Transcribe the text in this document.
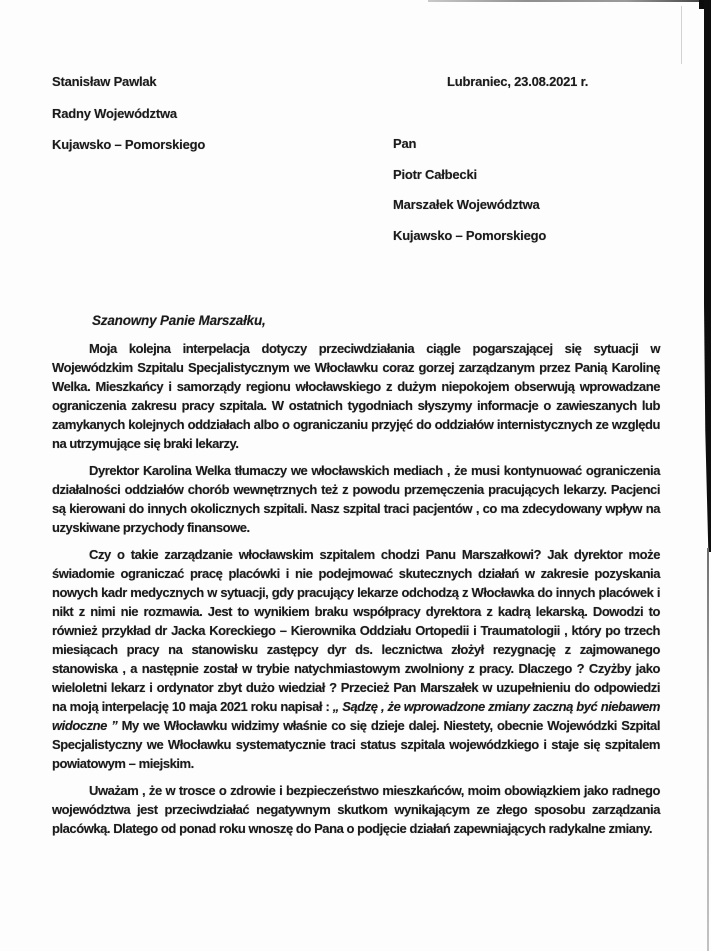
Stanisław Pawlak
Radny Województwa
Kujawsko – Pomorskiego
Lubraniec, 23.08.2021 r.
Pan
Piotr Całbecki
Marszałek Województwa
Kujawsko – Pomorskiego
Szanowny Panie Marszałku,

Moja kolejna interpelacja dotyczy przeciwdziałania ciągle pogarszającej się sytuacji w Wojewódzkim Szpitalu Specjalistycznym we Włocławku coraz gorzej zarządzanym przez Panią Karolinę Welka. Mieszkańcy i samorządy regionu włocławskiego z dużym niepokojem obserwują wprowadzane ograniczenia zakresu pracy szpitala. W ostatnich tygodniach słyszymy informacje o zawieszanych lub zamykanych kolejnych oddziałach albo o ograniczaniu przyjęć do oddziałów internistycznych ze względu na utrzymujące się braki lekarzy.

Dyrektor Karolina Welka tłumaczy we włocławskich mediach , że musi kontynuować ograniczenia działalności oddziałów chorób wewnętrznych też z powodu przemęczenia pracujących lekarzy. Pacjenci są kierowani do innych okolicznych szpitali. Nasz szpital traci pacjentów , co ma zdecydowany wpływ na uzyskiwane przychody finansowe.

Czy o takie zarządzanie włocławskim szpitalem chodzi Panu Marszałkowi? Jak dyrektor może świadomie ograniczać pracę placówki i nie podejmować skutecznych działań w zakresie pozyskania nowych kadr medycznych w sytuacji, gdy pracujący lekarze odchodzą z Włocławka do innych placówek i nikt z nimi nie rozmawia. Jest to wynikiem braku współpracy dyrektora z kadrą lekarską. Dowodzi to również przykład dr Jacka Koreckiego – Kierownika Oddziału Ortopedii i Traumatologii , który po trzech miesiącach pracy na stanowisku zastępcy dyr ds. lecznictwa złożył rezygnację z zajmowanego stanowiska , a następnie został w trybie natychmiastowym zwolniony z pracy. Dlaczego ? Czyżby jako wieloletni lekarz i ordynator zbyt dużo wiedział ? Przecież Pan Marszałek w uzupełnieniu do odpowiedzi na moją interpelację 10 maja 2021 roku napisał : „ Sądzę , że wprowadzone zmiany zaczną być niebawem widoczne ” My we Włocławku widzimy właśnie co się dzieje dalej. Niestety, obecnie Wojewódzki Szpital Specjalistyczny we Włocławku systematycznie traci status szpitala wojewódzkiego i staje się szpitalem powiatowym – miejskim.

Uważam , że w trosce o zdrowie i bezpieczeństwo mieszkańców, moim obowiązkiem jako radnego województwa jest przeciwdziałać negatywnym skutkom wynikającym ze złego sposobu zarządzania placówką. Dlatego od ponad roku wnoszę do Pana o podjęcie działań zapewniających radykalne zmiany.
